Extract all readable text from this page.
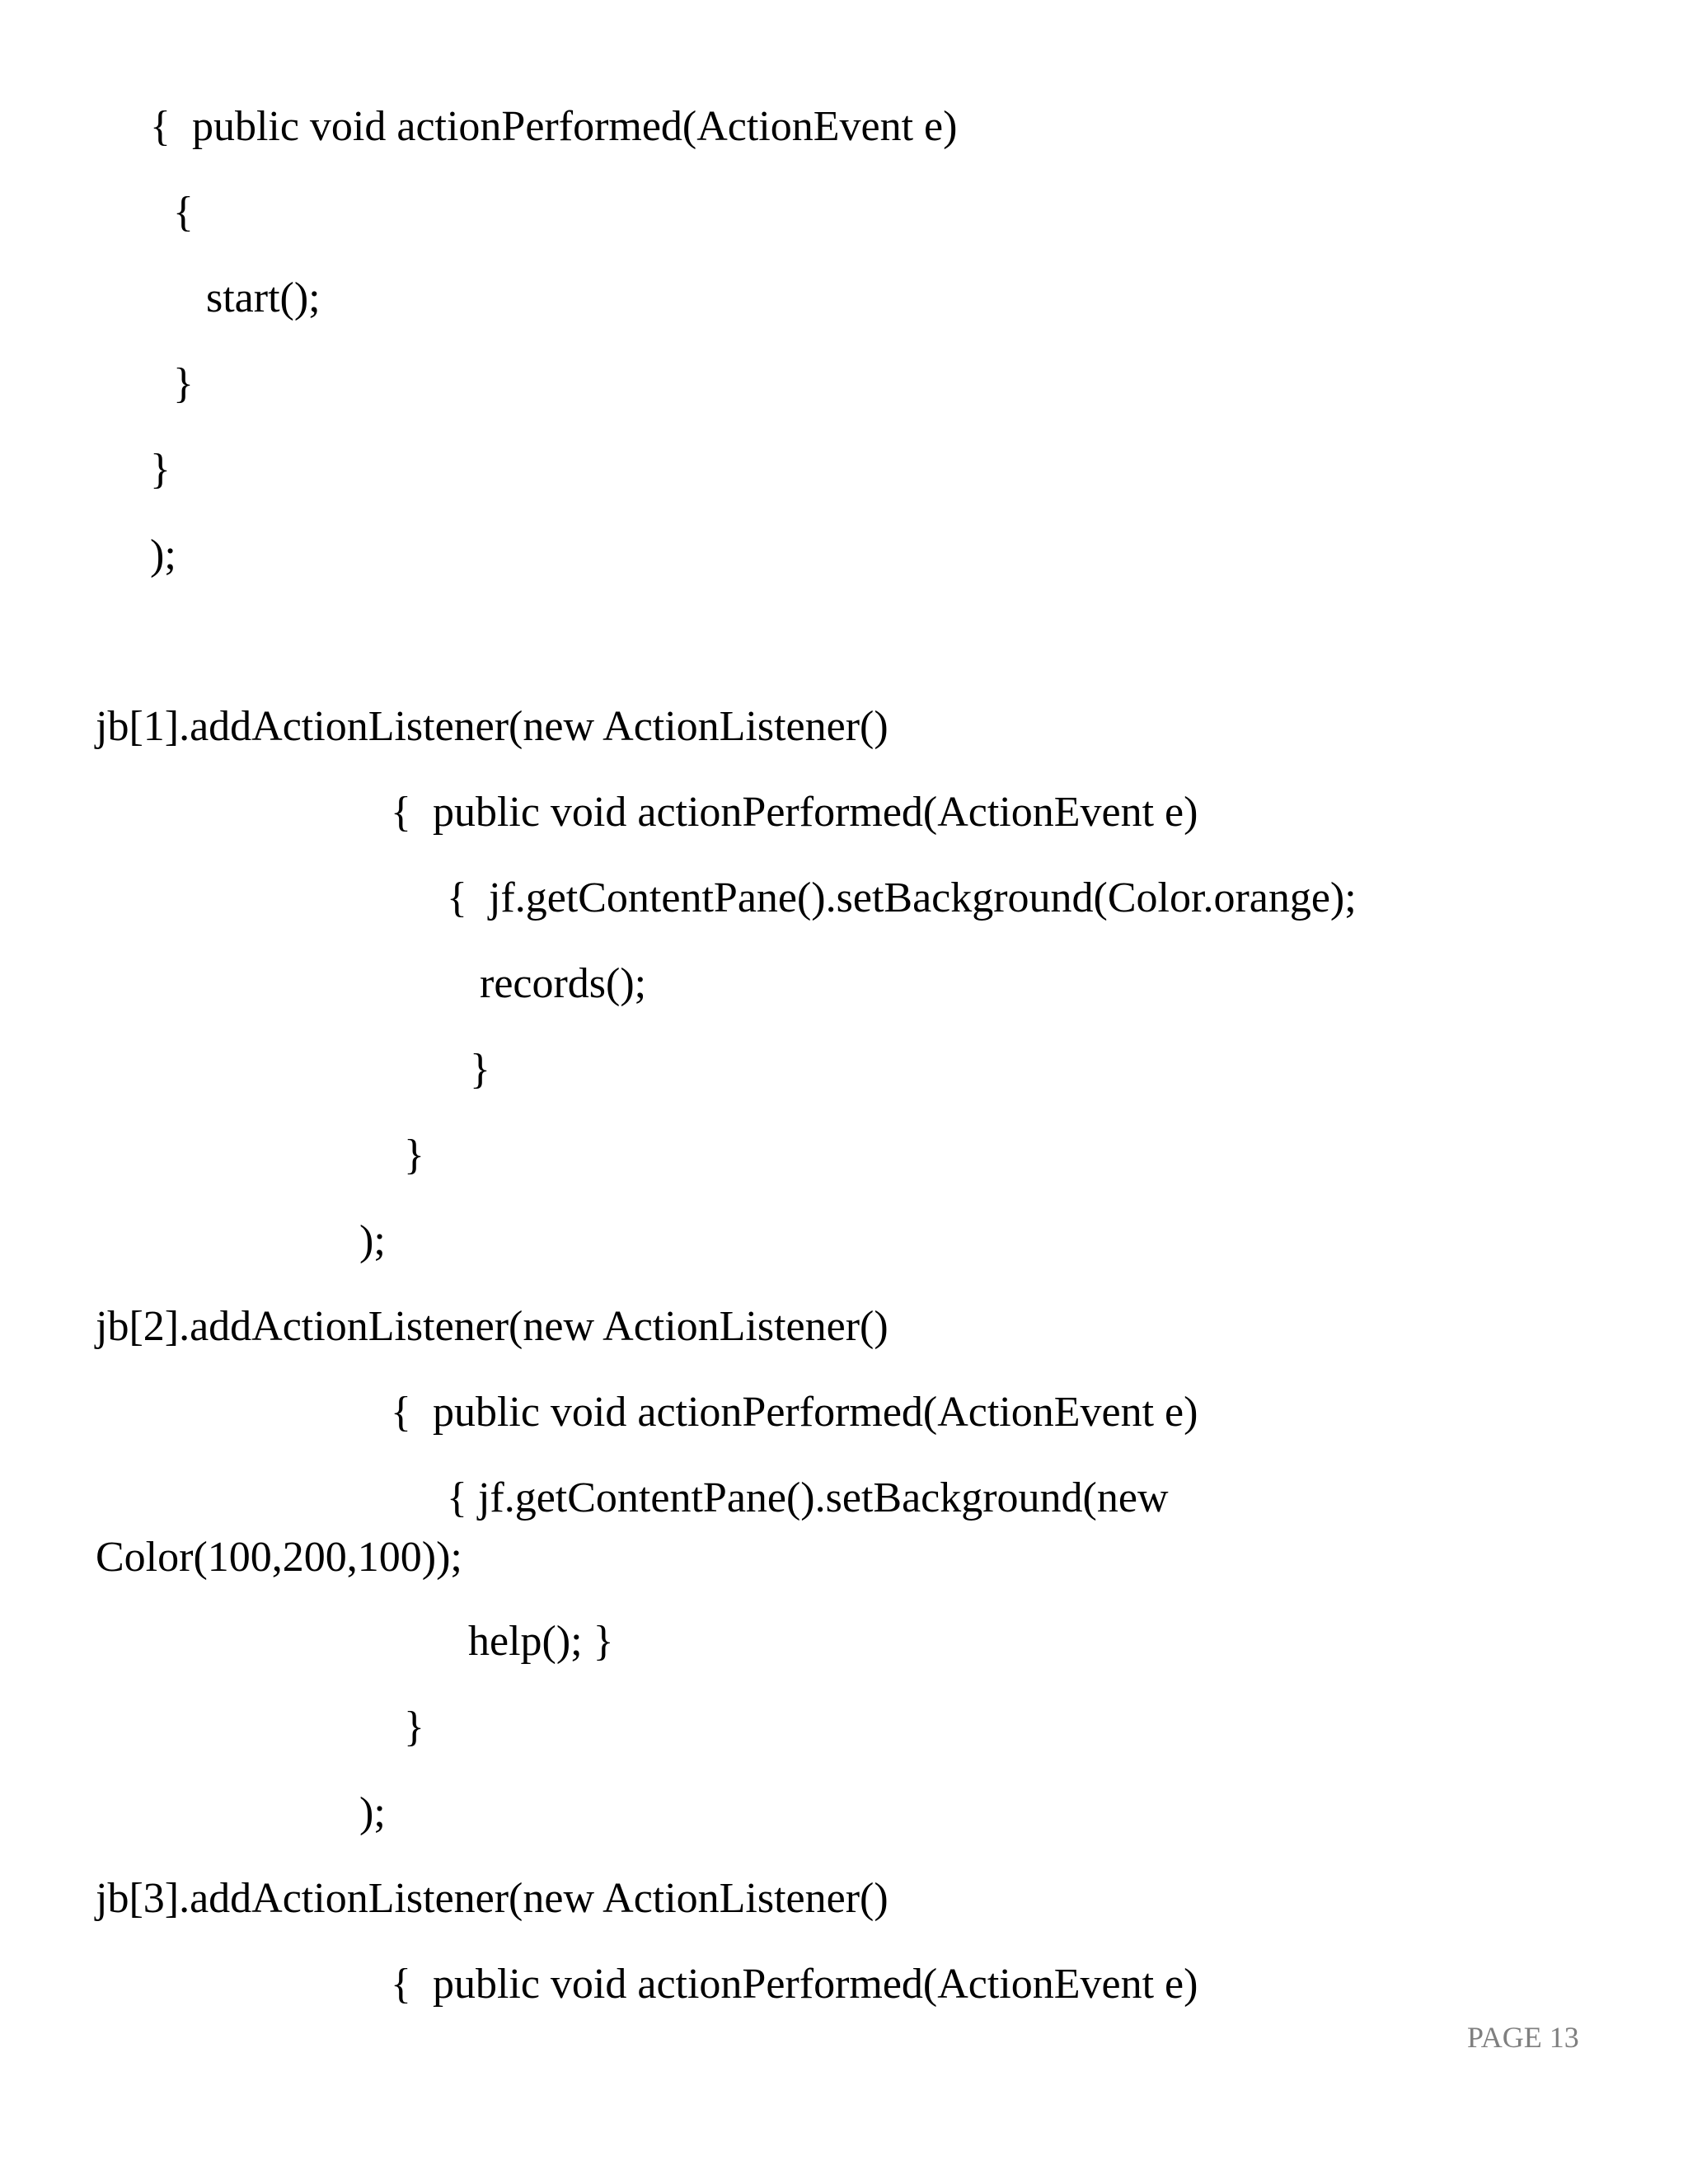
{  public void actionPerformed(ActionEvent e)

{

start();

}

}

);

jb[1].addActionListener(new ActionListener()

{  public void actionPerformed(ActionEvent e)

{  jf.getContentPane().setBackground(Color.orange);

records();

}

}

);

jb[2].addActionListener(new ActionListener()

{  public void actionPerformed(ActionEvent e)

{ jf.getContentPane().setBackground(new

Color(100,200,100));

help(); }

}

);

jb[3].addActionListener(new ActionListener()

{  public void actionPerformed(ActionEvent e)

PAGE 13
